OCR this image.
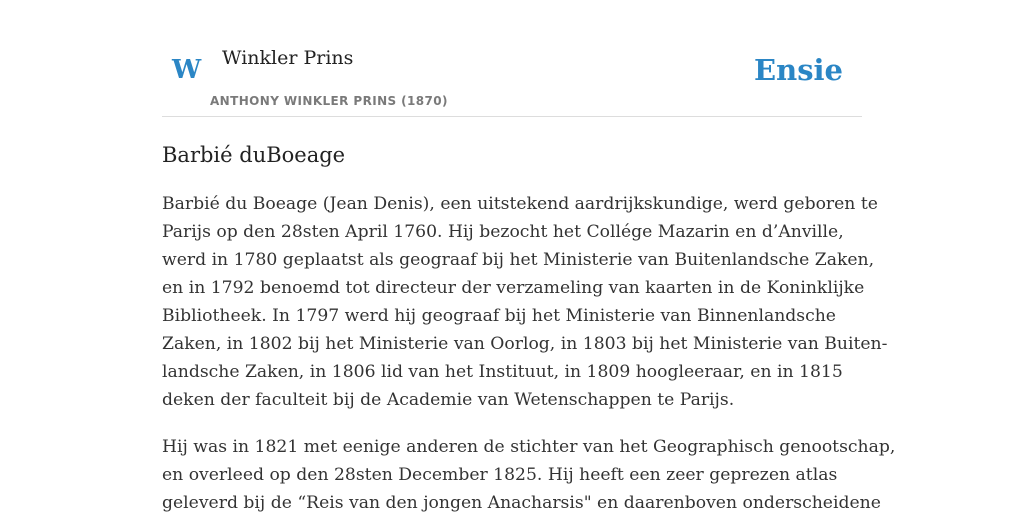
W Winkler Prins
ANTHONY WINKLER PRINS (1870)
Ensie
Barbié duBoeage

Barbié du Boeage (Jean Denis), een uitstekend aardrijkskundige, werd geboren te
Parijs op den 28sten April 1760. Hij bezocht het Collége Mazarin en d’Anville,
werd in 1780 geplaatst als geograaf bij het Ministerie van Buitenlandsche Zaken,
en in 1792 benoemd tot directeur der verzameling van kaarten in de Koninklijke
Bibliotheek. In 1797 werd hij geograaf bij het Ministerie van Binnenlandsche
Zaken, in 1802 bij het Ministerie van Oorlog, in 1803 bij het Ministerie van Buiten-
landsche Zaken, in 1806 lid van het Instituut, in 1809 hoogleeraar, en in 1815
deken der faculteit bij de Academie van Wetenschappen te Parijs.

Hij was in 1821 met eenige anderen de stichter van het Geographisch genootschap,
en overleed op den 28sten December 1825. Hij heeft een zeer geprezen atlas
geleverd bij de “Reis van den jongen Anacharsis" en daarenboven onderscheidene
